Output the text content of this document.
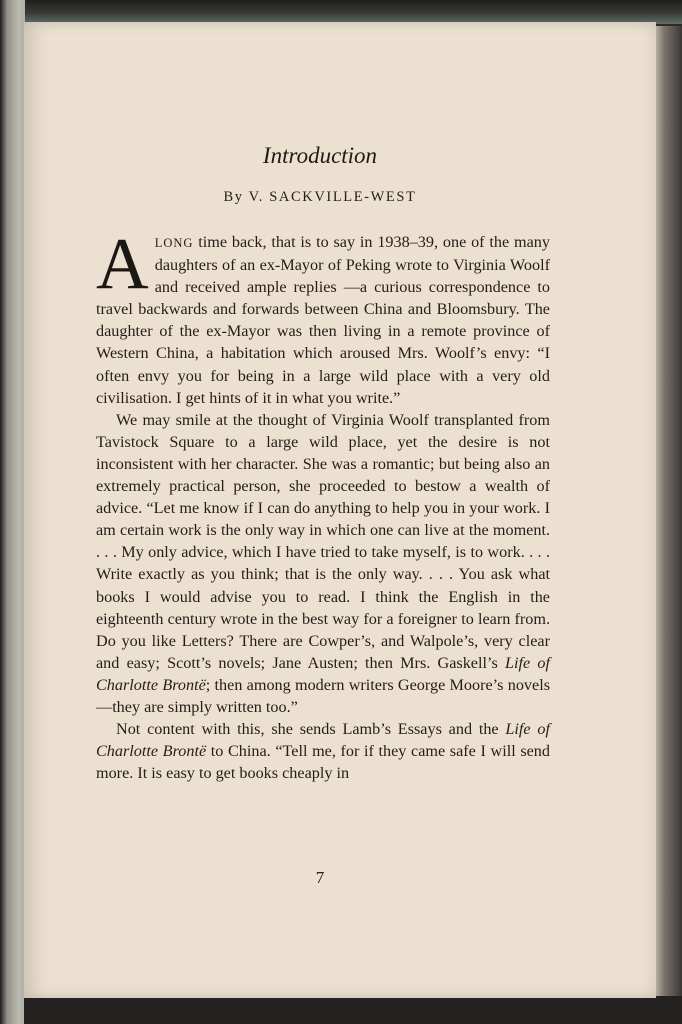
Introduction
By V. SACKVILLE-WEST

ALONG time back, that is to say in 1938–39, one of the many daughters of an ex-Mayor of Peking wrote to Virginia Woolf and received ample replies —a curious correspondence to travel backwards and forwards between China and Bloomsbury. The daughter of the ex-Mayor was then living in a remote province of Western China, a habitation which aroused Mrs. Woolf’s envy: “I often envy you for being in a large wild place with a very old civilisation. I get hints of it in what you write.”

We may smile at the thought of Virginia Woolf transplanted from Tavistock Square to a large wild place, yet the desire is not inconsistent with her character. She was a romantic; but being also an extremely practical person, she proceeded to bestow a wealth of advice. “Let me know if I can do anything to help you in your work. I am certain work is the only way in which one can live at the moment. . . . My only advice, which I have tried to take myself, is to work. . . . Write exactly as you think; that is the only way. . . . You ask what books I would advise you to read. I think the English in the eighteenth century wrote in the best way for a foreigner to learn from. Do you like Letters? There are Cowper’s, and Walpole’s, very clear and easy; Scott’s novels; Jane Austen; then Mrs. Gaskell’s Life of Charlotte Brontë; then among modern writers George Moore’s novels —they are simply written too.”

Not content with this, she sends Lamb’s Essays and the Life of Charlotte Brontë to China. “Tell me, for if they came safe I will send more. It is easy to get books cheaply in

7
